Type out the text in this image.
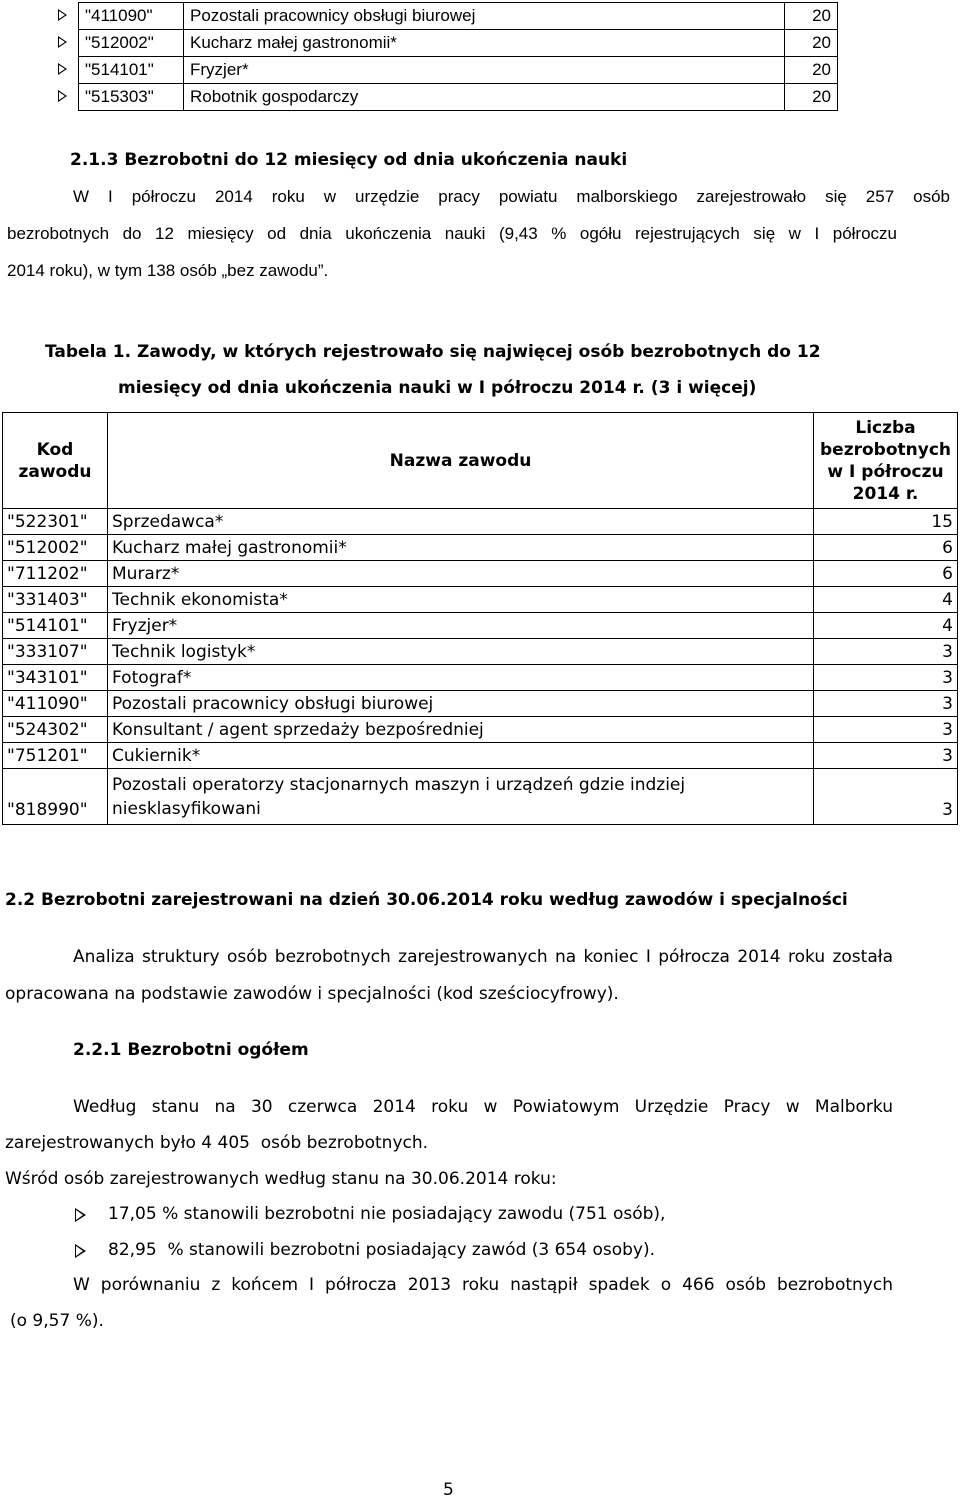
	"411090"	Pozostali pracownicy obsługi biurowej	20
	"512002"	Kucharz małej gastronomii*	20
	"514101"	Fryzjer*	20
	"515303"	Robotnik gospodarczy	20
2.1.3 Bezrobotni do 12 miesięcy od dnia ukończenia nauki
W I półroczu 2014 roku w urzędzie pracy powiatu malborskiego zarejestrowało się 257 osób
bezrobotnych do 12 miesięcy od dnia ukończenia nauki (9,43 % ogółu rejestrujących się w I półroczu
2014 roku), w tym 138 osób „bez zawodu”.
Tabela 1. Zawody, w których rejestrowało się najwięcej osób bezrobotnych do 12
miesięcy od dnia ukończenia nauki w I półroczu 2014 r. (3 i więcej)
Kod zawodu	Nazwa zawodu	Liczba bezrobotnych w I półroczu 2014 r.
"522301"	Sprzedawca*	15
"512002"	Kucharz małej gastronomii*	6
"711202"	Murarz*	6
"331403"	Technik ekonomista*	4
"514101"	Fryzjer*	4
"333107"	Technik logistyk*	3
"343101"	Fotograf*	3
"411090"	Pozostali pracownicy obsługi biurowej	3
"524302"	Konsultant / agent sprzedaży bezpośredniej	3
"751201"	Cukiernik*	3
"818990"	Pozostali operatorzy stacjonarnych maszyn i urządzeń gdzie indziej
niesklasyfikowani	3
2.2 Bezrobotni zarejestrowani na dzień 30.06.2014 roku według zawodów i specjalności
Analiza struktury osób bezrobotnych zarejestrowanych na koniec I półrocza 2014 roku została
opracowana na podstawie zawodów i specjalności (kod sześciocyfrowy).
2.2.1 Bezrobotni ogółem
Według stanu na 30 czerwca 2014 roku w Powiatowym Urzędzie Pracy w Malborku
zarejestrowanych było 4 405  osób bezrobotnych.
Wśród osób zarejestrowanych według stanu na 30.06.2014 roku:
17,05 % stanowili bezrobotni nie posiadający zawodu (751 osób),
82,95  % stanowili bezrobotni posiadający zawód (3 654 osoby).
W porównaniu z końcem I półrocza 2013 roku nastąpił spadek o 466 osób bezrobotnych
(o 9,57 %).
5
